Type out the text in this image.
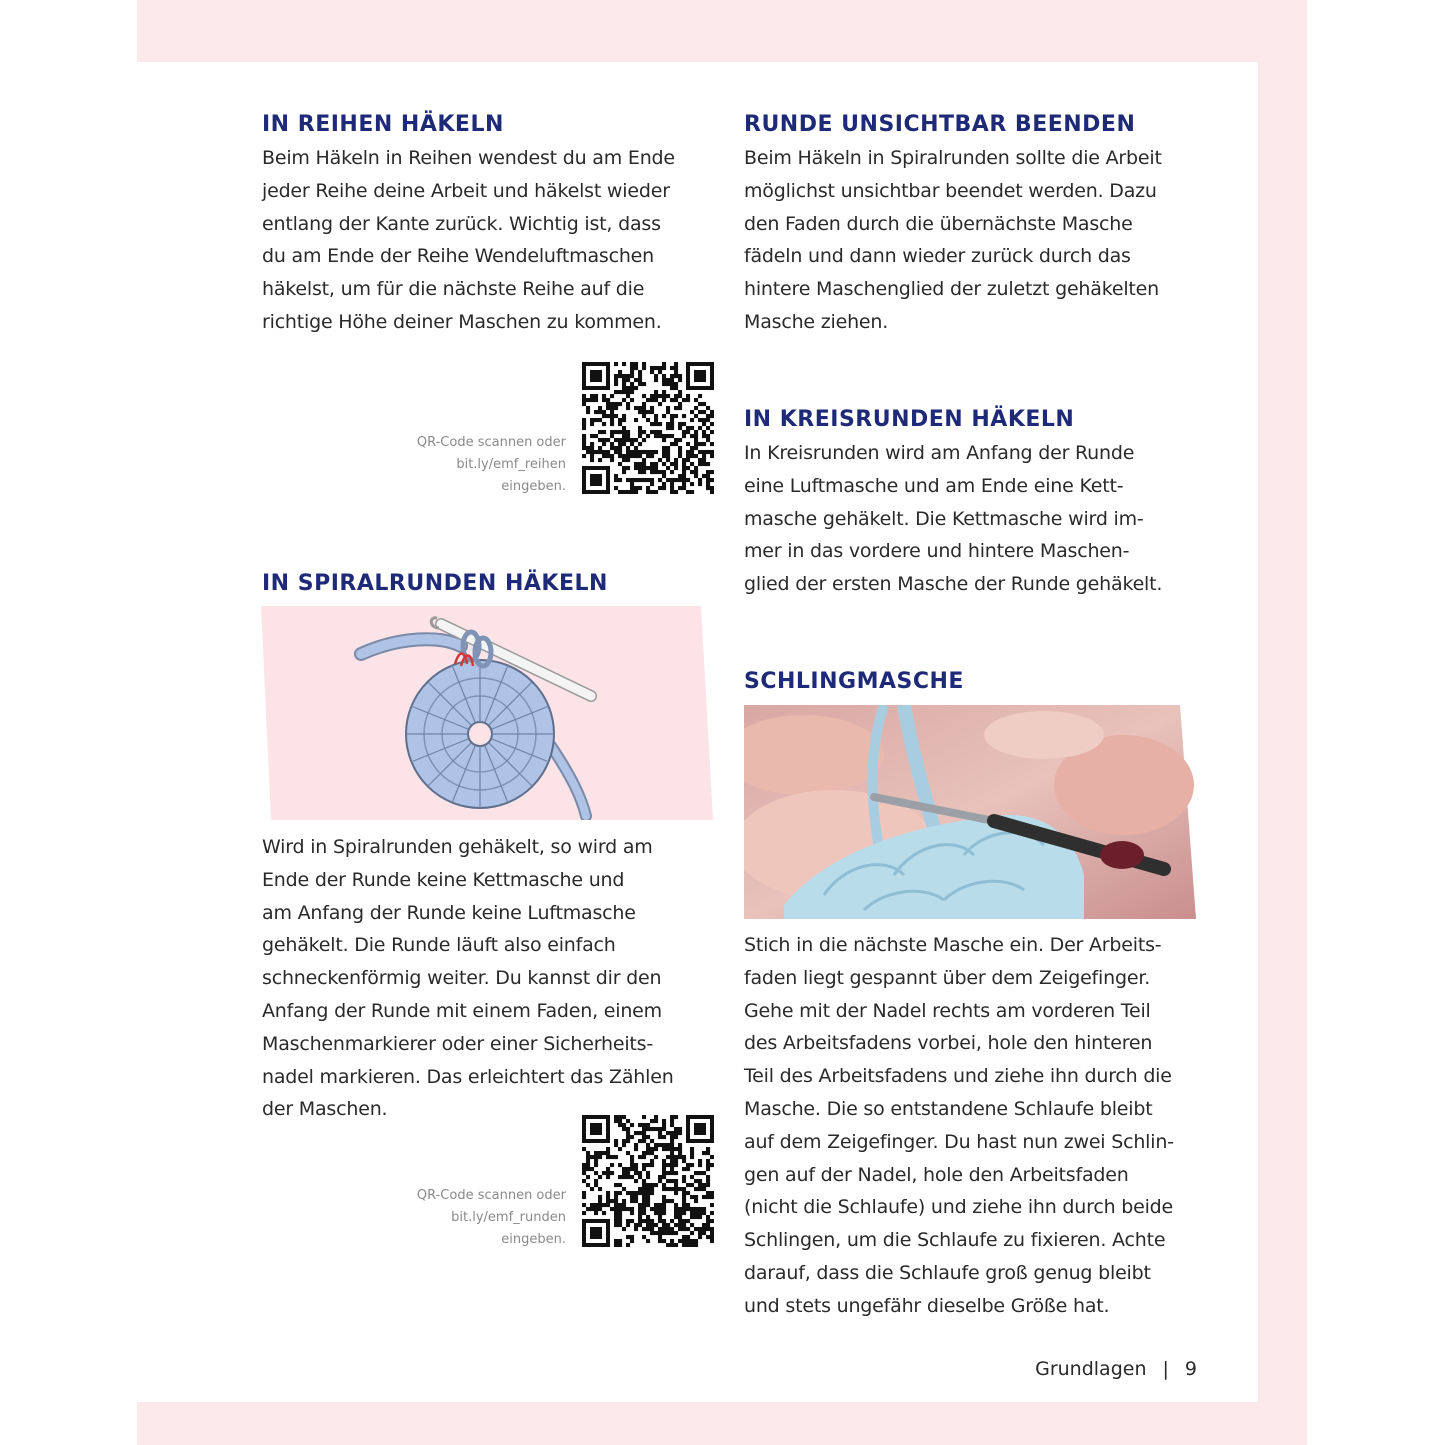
IN REIHEN HÄKELN

Beim Häkeln in Reihen wendest du am Ende
jeder Reihe deine Arbeit und häkelst wieder
entlang der Kante zurück. Wichtig ist, dass
du am Ende der Reihe Wendeluftmaschen
häkelst, um für die nächste Reihe auf die
richtige Höhe deiner Maschen zu kommen.

QR-Code scannen oder
bit.ly/emf_reihen
eingeben.
IN SPIRALRUNDEN HÄKELN

Wird in Spiralrunden gehäkelt, so wird am
Ende der Runde keine Kettmasche und
am Anfang der Runde keine Luftmasche
gehäkelt. Die Runde läuft also einfach
schneckenförmig weiter. Du kannst dir den
Anfang der Runde mit einem Faden, einem
Maschenmarkierer oder einer Sicherheits-
nadel markieren. Das erleichtert das Zählen
der Maschen.

QR-Code scannen oder
bit.ly/emf_runden
eingeben.
RUNDE UNSICHTBAR BEENDEN

Beim Häkeln in Spiralrunden sollte die Arbeit
möglichst unsichtbar beendet werden. Dazu
den Faden durch die übernächste Masche
fädeln und dann wieder zurück durch das
hintere Maschenglied der zuletzt gehäkelten
Masche ziehen.

IN KREISRUNDEN HÄKELN

In Kreisrunden wird am Anfang der Runde
eine Luftmasche und am Ende eine Kett-
masche gehäkelt. Die Kettmasche wird im-
mer in das vordere und hintere Maschen-
glied der ersten Masche der Runde gehäkelt.

SCHLINGMASCHE

Stich in die nächste Masche ein. Der Arbeits-
faden liegt gespannt über dem Zeigefinger.
Gehe mit der Nadel rechts am vorderen Teil
des Arbeitsfadens vorbei, hole den hinteren
Teil des Arbeitsfadens und ziehe ihn durch die
Masche. Die so entstandene Schlaufe bleibt
auf dem Zeigefinger. Du hast nun zwei Schlin-
gen auf der Nadel, hole den Arbeitsfaden
(nicht die Schlaufe) und ziehe ihn durch beide
Schlingen, um die Schlaufe zu fixieren. Achte
darauf, dass die Schlaufe groß genug bleibt
und stets ungefähr dieselbe Größe hat.

Grundlagen | 9
